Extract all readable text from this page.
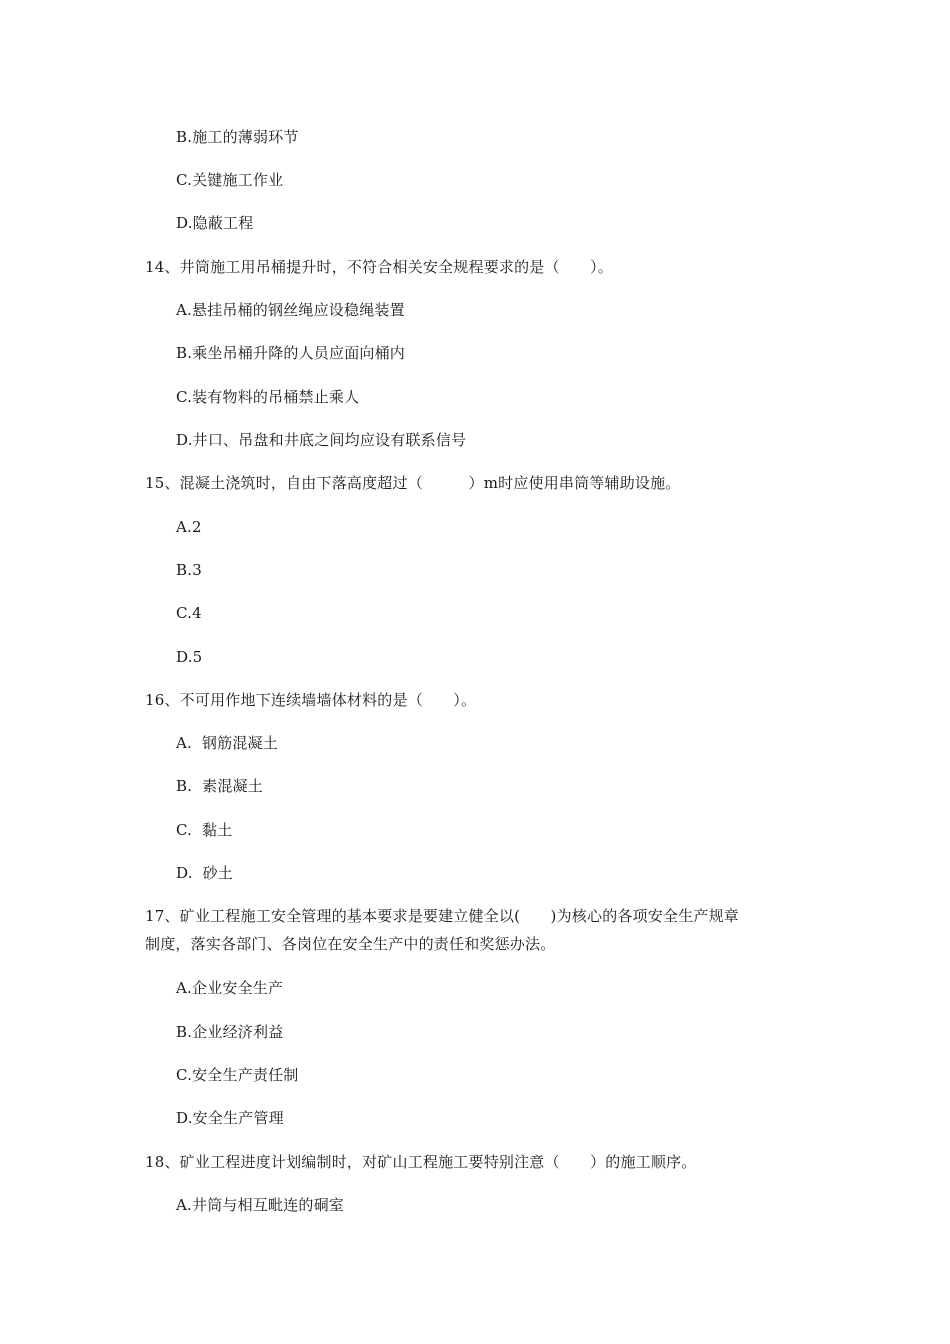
B.施工的薄弱环节
C.关键施工作业
D.隐蔽工程
14、井筒施工用吊桶提升时，不符合相关安全规程要求的是（　　）。
A.悬挂吊桶的钢丝绳应设稳绳装置
B.乘坐吊桶升降的人员应面向桶内
C.装有物料的吊桶禁止乘人
D.井口、吊盘和井底之间均应设有联系信号
15、混凝土浇筑时，自由下落高度超过（　　　）m时应使用串筒等辅助设施。
A.2
B.3
C.4
D.5
16、不可用作地下连续墙墙体材料的是（　　）。
A.  钢筋混凝土
B.  素混凝土
C.  黏土
D.  砂土
17、矿业工程施工安全管理的基本要求是要建立健全以(　　)为核心的各项安全生产规章
制度，落实各部门、各岗位在安全生产中的责任和奖惩办法。
A.企业安全生产
B.企业经济利益
C.安全生产责任制
D.安全生产管理
18、矿业工程进度计划编制时，对矿山工程施工要特别注意（　　）的施工顺序。
A.井筒与相互毗连的硐室
